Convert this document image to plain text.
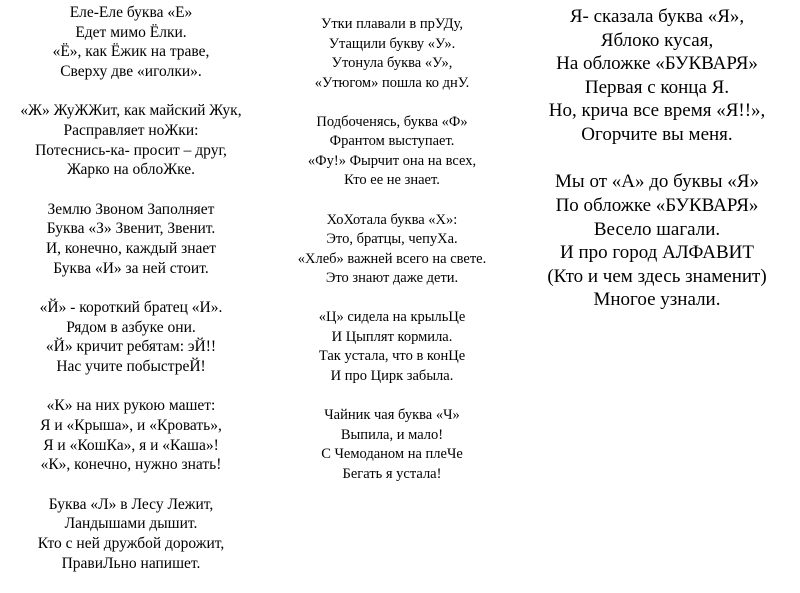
Еле-Еле буква «Е»
Едет мимо Ёлки.
«Ё», как Ёжик на траве,
Сверху две «иголки».

«Ж» ЖуЖЖит, как майский Жук,
Расправляет ноЖки:
Потеснись-ка- просит – друг,
Жарко на облоЖке.

Землю Звоном Заполняет
Буква «З» Звенит, Звенит.
И, конечно, каждый знает
Буква «И» за ней стоит.

«Й» - короткий братец «И».
Рядом в азбуке они.
«Й» кричит ребятам: эЙ!!
Нас учите побыстреЙ!

«К» на них рукою машет:
Я и «Крыша», и «Кровать»,
Я и «КошКа», я и «Каша»!
«К», конечно, нужно знать!

Буква «Л» в Лесу Лежит,
Ландышами дышит.
Кто с ней дружбой дорожит,
ПравиЛьно напишет.

Утки плавали в прУДу,
Утащили букву «У».
Утонула буква «У»,
«Утюгом» пошла ко днУ.

Подбоченясь, буква «Ф»
Франтом выступает.
«Фу!» Фырчит она на всех,
Кто ее не знает.

ХоХотала буква «Х»:
Это, братцы, чепуХа.
«Хлеб» важней всего на свете.
Это знают даже дети.

«Ц» сидела на крыльЦе
И Цыплят кормила.
Так устала, что в конЦе
И про Цирк забыла.

Чайник чая буква «Ч»
Выпила, и мало!
С Чемоданом на плеЧе
Бегать я устала!

Я- сказала буква «Я»,
Яблоко кусая,
На обложке «БУКВАРЯ»
Первая с конца Я.
Но, крича все время «Я!!»,
Огорчите вы меня.

Мы от «А» до буквы «Я»
По обложке «БУКВАРЯ»
Весело шагали.
И про город АЛФАВИТ
(Кто и чем здесь знаменит)
Многое узнали.
